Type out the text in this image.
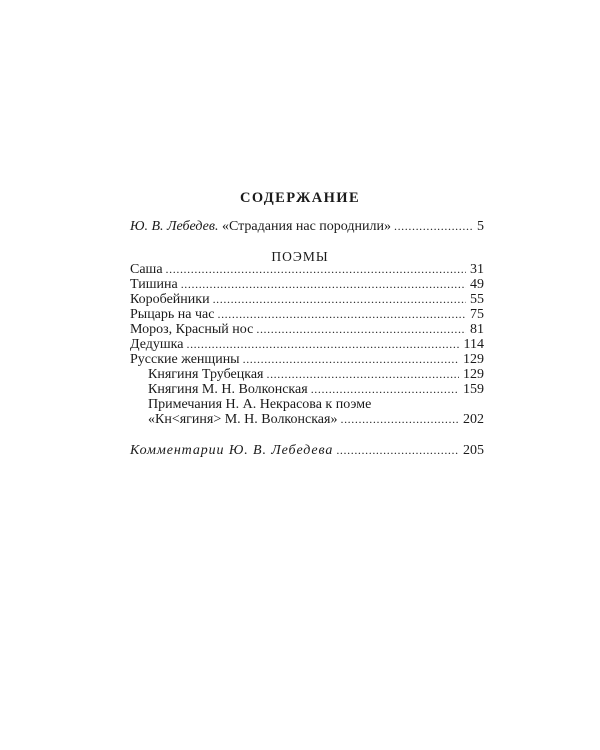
СОДЕРЖАНИЕ
Ю. В. Лебедев. «Страдания нас породнили» . . .	5
ПОЭМЫ
Саша . . .	31
Тишина . . .	49
Коробейники . . .	55
Рыцарь на час . . .	75
Мороз, Красный нос . . .	81
Дедушка . . .	114
Русские женщины . . .	129
Княгиня Трубецкая . . .	129
Княгиня М. Н. Волконская . . .	159
Примечания Н. А. Некрасова к поэме
«Кн<ягиня> М. Н. Волконская» . . .	202
Комментарии Ю. В. Лебедева . . .	205
